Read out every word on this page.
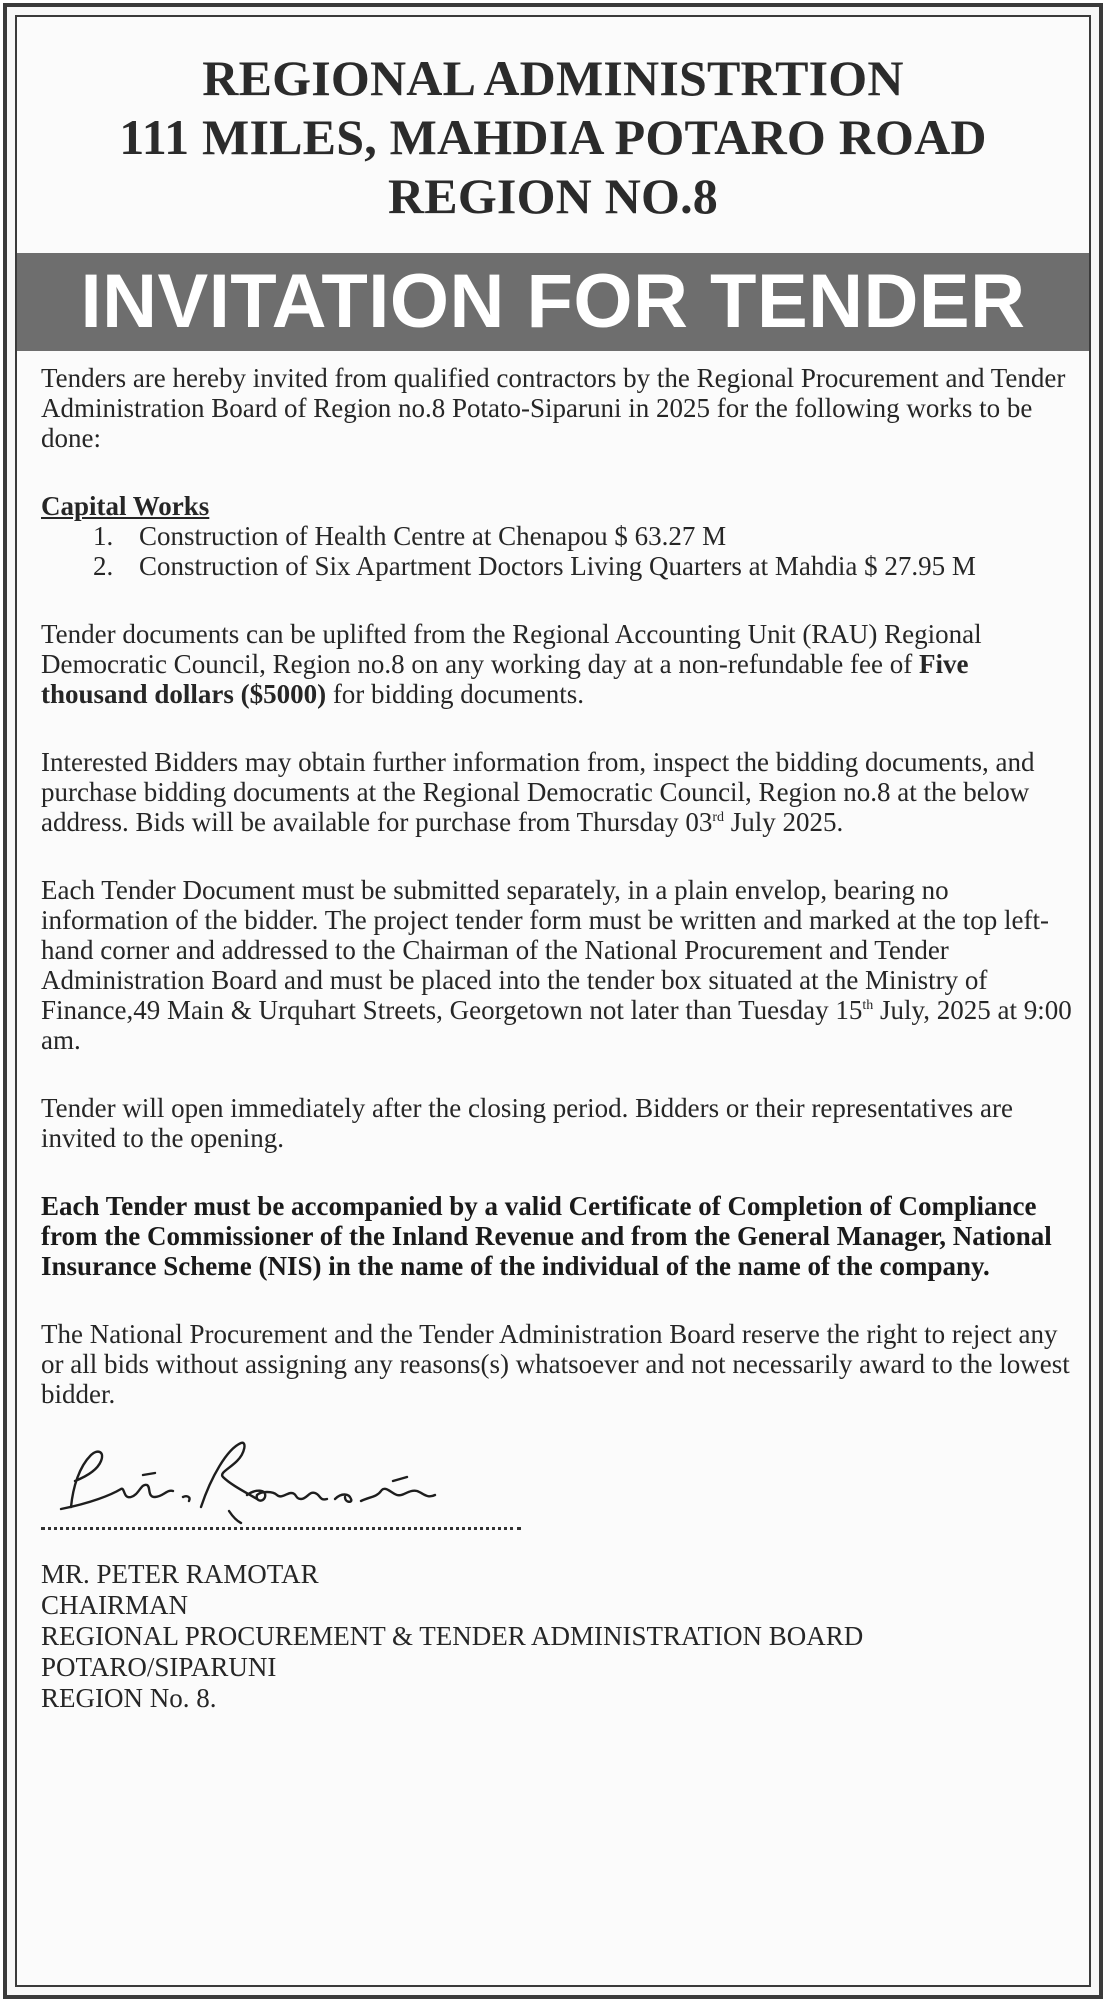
REGIONAL ADMINISTRTION
111 MILES, MAHDIA POTARO ROAD
REGION NO.8
INVITATION FOR TENDER

Tenders are hereby invited from qualified contractors by the Regional Procurement and Tender Administration Board of Region no.8 Potato-Siparuni in 2025 for the following works to be done:

Capital Works
1. Construction of Health Centre at Chenapou $ 63.27 M
2. Construction of Six Apartment Doctors Living Quarters at Mahdia $ 27.95 M

Tender documents can be uplifted from the Regional Accounting Unit (RAU) Regional Democratic Council, Region no.8 on any working day at a non-refundable fee of Five thousand dollars ($5000) for bidding documents.

Interested Bidders may obtain further information from, inspect the bidding documents, and purchase bidding documents at the Regional Democratic Council, Region no.8 at the below address. Bids will be available for purchase from Thursday 03rd July 2025.

Each Tender Document must be submitted separately, in a plain envelop, bearing no information of the bidder. The project tender form must be written and marked at the top left-hand corner and addressed to the Chairman of the National Procurement and Tender Administration Board and must be placed into the tender box situated at the Ministry of Finance,49 Main & Urquhart Streets, Georgetown not later than Tuesday 15th July, 2025 at 9:00 am.

Tender will open immediately after the closing period. Bidders or their representatives are invited to the opening.

Each Tender must be accompanied by a valid Certificate of Completion of Compliance from the Commissioner of the Inland Revenue and from the General Manager, National Insurance Scheme (NIS) in the name of the individual of the name of the company.

The National Procurement and the Tender Administration Board reserve the right to reject any or all bids without assigning any reasons(s) whatsoever and not necessarily award to the lowest bidder.

MR. PETER RAMOTAR
CHAIRMAN
REGIONAL PROCUREMENT & TENDER ADMINISTRATION BOARD
POTARO/SIPARUNI
REGION No. 8.
